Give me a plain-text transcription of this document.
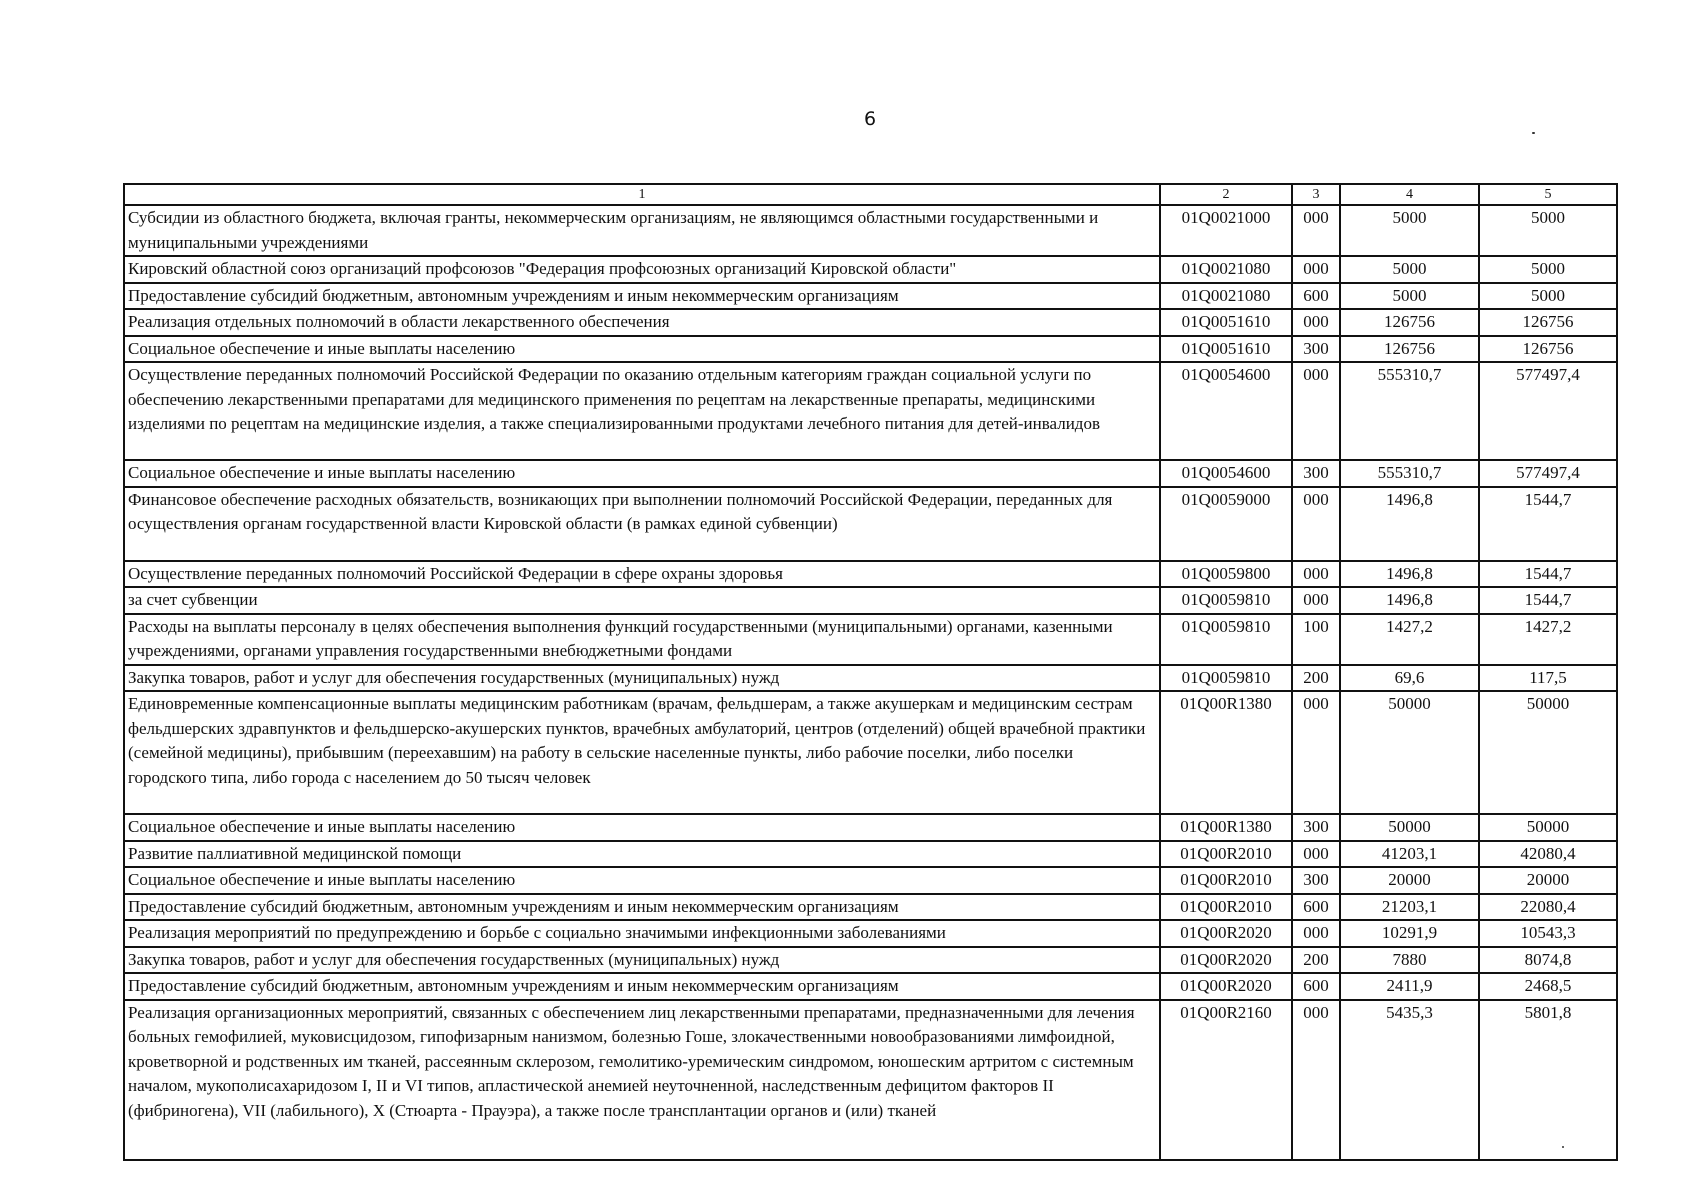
6
1	2	3	4	5
Субсидии из областного бюджета, включая гранты, некоммерческим организациям, не являющимся областными государственными и муниципальными учреждениями	01Q0021000	000	5000	5000
Кировский областной союз организаций профсоюзов "Федерация профсоюзных организаций Кировской области"	01Q0021080	000	5000	5000
Предоставление субсидий бюджетным, автономным учреждениям и иным некоммерческим организациям	01Q0021080	600	5000	5000
Реализация отдельных полномочий в области лекарственного обеспечения	01Q0051610	000	126756	126756
Социальное обеспечение и иные выплаты населению	01Q0051610	300	126756	126756
Осуществление переданных полномочий Российской Федерации по оказанию отдельным категориям граждан социальной услуги по обеспечению лекарственными препаратами для медицинского применения по рецептам на лекарственные препараты, медицинскими изделиями по рецептам на медицинские изделия, а также специализированными продуктами лечебного питания для детей-инвалидов	01Q0054600	000	555310,7	577497,4
Социальное обеспечение и иные выплаты населению	01Q0054600	300	555310,7	577497,4
Финансовое обеспечение расходных обязательств, возникающих при выполнении полномочий Российской Федерации, переданных для осуществления органам государственной власти Кировской области (в рамках единой субвенции)	01Q0059000	000	1496,8	1544,7
Осуществление переданных полномочий Российской Федерации в сфере охраны здоровья	01Q0059800	000	1496,8	1544,7
за счет субвенции	01Q0059810	000	1496,8	1544,7
Расходы на выплаты персоналу в целях обеспечения выполнения функций государственными (муниципальными) органами, казенными учреждениями, органами управления государственными внебюджетными фондами	01Q0059810	100	1427,2	1427,2
Закупка товаров, работ и услуг для обеспечения государственных (муниципальных) нужд	01Q0059810	200	69,6	117,5
Единовременные компенсационные выплаты медицинским работникам (врачам, фельдшерам, а также акушеркам и медицинским сестрам фельдшерских здравпунктов и фельдшерско-акушерских пунктов, врачебных амбулаторий, центров (отделений) общей врачебной практики (семейной медицины), прибывшим (переехавшим) на работу в сельские населенные пункты, либо рабочие поселки, либо поселки городского типа, либо города с населением до 50 тысяч человек	01Q00R1380	000	50000	50000
Социальное обеспечение и иные выплаты населению	01Q00R1380	300	50000	50000
Развитие паллиативной медицинской помощи	01Q00R2010	000	41203,1	42080,4
Социальное обеспечение и иные выплаты населению	01Q00R2010	300	20000	20000
Предоставление субсидий бюджетным, автономным учреждениям и иным некоммерческим организациям	01Q00R2010	600	21203,1	22080,4
Реализация мероприятий по предупреждению и борьбе с социально значимыми инфекционными заболеваниями	01Q00R2020	000	10291,9	10543,3
Закупка товаров, работ и услуг для обеспечения государственных (муниципальных) нужд	01Q00R2020	200	7880	8074,8
Предоставление субсидий бюджетным, автономным учреждениям и иным некоммерческим организациям	01Q00R2020	600	2411,9	2468,5
Реализация организационных мероприятий, связанных с обеспечением лиц лекарственными препаратами, предназначенными для лечения больных гемофилией, муковисцидозом, гипофизарным нанизмом, болезнью Гоше, злокачественными новообразованиями лимфоидной, кроветворной и родственных им тканей, рассеянным склерозом, гемолитико-уремическим синдромом, юношеским артритом с системным началом, мукополисахаридозом I, II и VI типов, апластической анемией неуточненной, наследственным дефицитом факторов II (фибриногена), VII (лабильного), X (Стюарта - Прауэра), а также после трансплантации органов и (или) тканей	01Q00R2160	000	5435,3	5801,8
